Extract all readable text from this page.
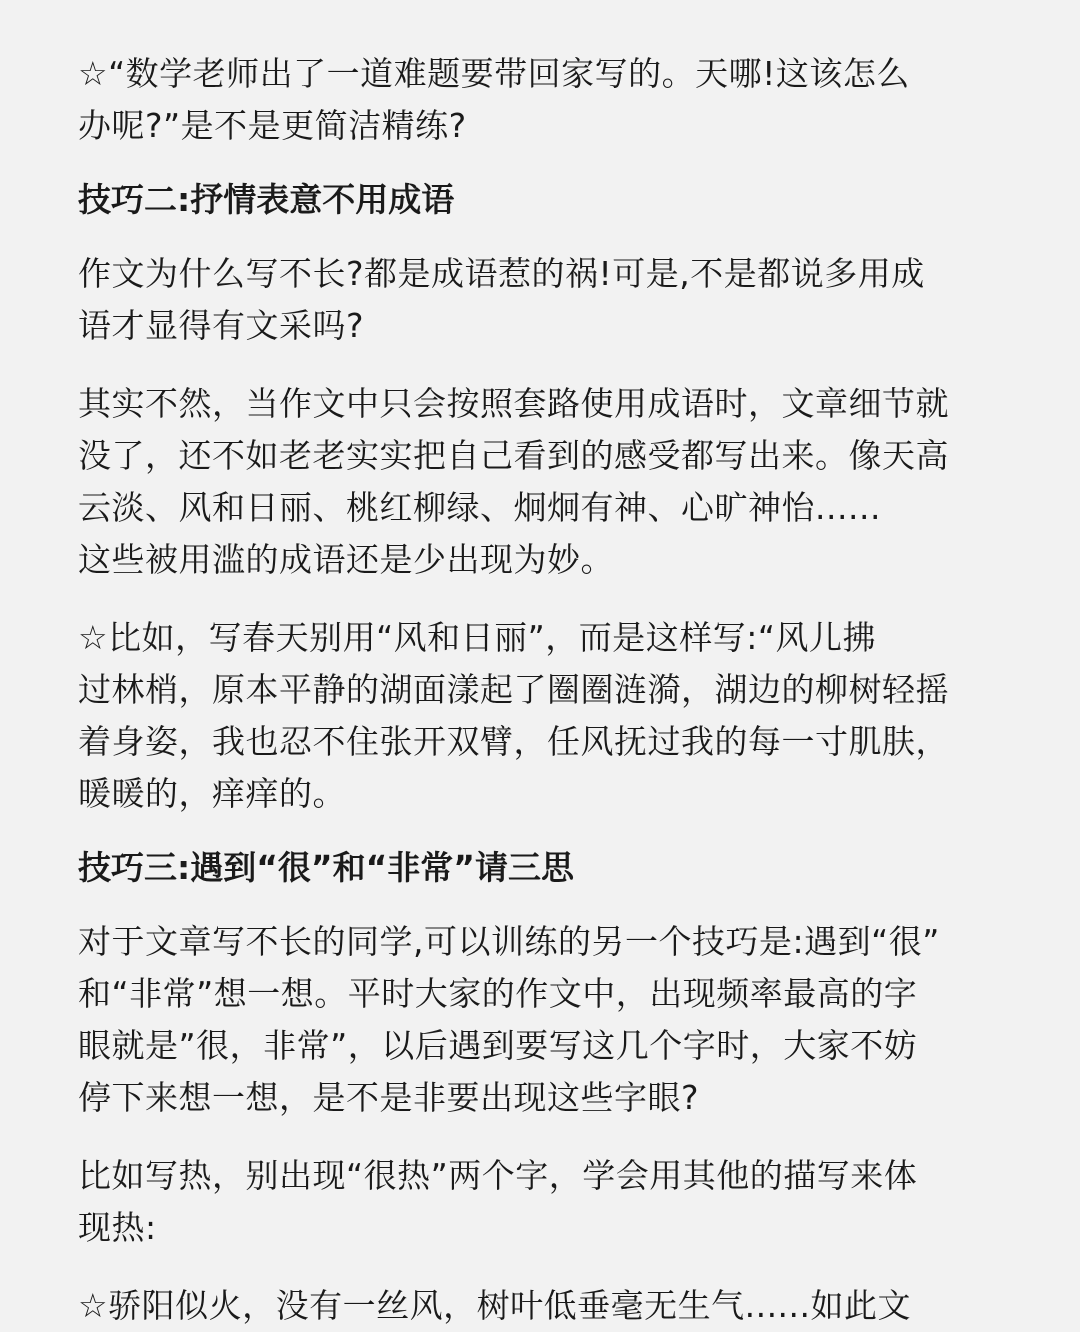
☆“数学老师出了一道难题要带回家写的。天哪!这该怎么
办呢?”是不是更简洁精练?

技巧二:抒情表意不用成语

作文为什么写不长?都是成语惹的祸!可是,不是都说多用成
语才显得有文采吗?

其实不然，当作文中只会按照套路使用成语时，文章细节就
没了，还不如老老实实把自己看到的感受都写出来。像天高
云淡、风和日丽、桃红柳绿、炯炯有神、心旷神怡......
这些被用滥的成语还是少出现为妙。

☆比如，写春天别用“风和日丽”，而是这样写:“风儿拂
过林梢，原本平静的湖面漾起了圈圈涟漪，湖边的柳树轻摇
着身姿，我也忍不住张开双臂，任风抚过我的每一寸肌肤，
暖暖的，痒痒的。

技巧三:遇到“很”和“非常”请三思

对于文章写不长的同学,可以训练的另一个技巧是:遇到“很”
和“非常”想一想。平时大家的作文中，出现频率最高的字
眼就是”很，非常”，以后遇到要写这几个字时，大家不妨
停下来想一想，是不是非要出现这些字眼?

比如写热，别出现“很热”两个字，学会用其他的描写来体
现热:

☆骄阳似火，没有一丝风，树叶低垂毫无生气......如此文
